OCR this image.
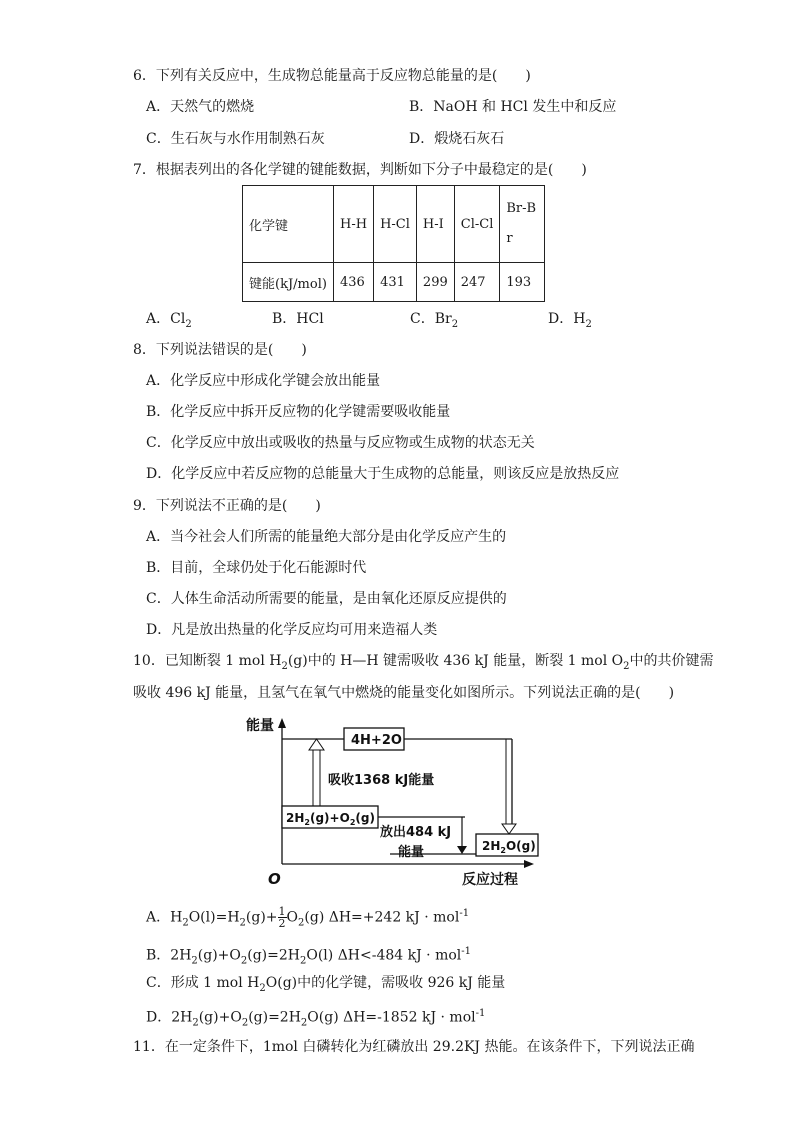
6．下列有关反应中，生成物总能量高于反应物总能量的是(　　)
A．天然气的燃烧	B．NaOH 和 HCl 发生中和反应
C．生石灰与水作用制熟石灰	D．煅烧石灰石
7．根据表列出的各化学键的键能数据，判断如下分子中最稳定的是(　　)
化学键	H-H	H-Cl	H-I	Cl-Cl	Br-Br
键能(kJ/mol)	436	431	299	247	193
A．$Cl_2$	B．HCl	C．$Br_2$	D．$H_2$
8．下列说法错误的是(　　)
A．化学反应中形成化学键会放出能量
B．化学反应中拆开反应物的化学键需要吸收能量
C．化学反应中放出或吸收的热量与反应物或生成物的状态无关
D．化学反应中若反应物的总能量大于生成物的总能量，则该反应是放热反应
9．下列说法不正确的是(　　)
A．当今社会人们所需的能量绝大部分是由化学反应产生的
B．目前，全球仍处于化石能源时代
C．人体生命活动所需要的能量，是由氧化还原反应提供的
D．凡是放出热量的化学反应均可用来造福人类
10．已知断裂 1 mol $H_2(g)$中的 H—H 键需吸收 436 kJ 能量，断裂 1 mol $O_2$中的共价键需
吸收 496 kJ 能量，且氢气在氧气中燃烧的能量变化如图所示。下列说法正确的是(　　)
能量
O	反应过程
4H+2O
吸收1368 kJ能量
$2H_2(g)+O_2(g)$
放出484 kJ
能量	$2H_2O(g)$
A．$H_2O(l)=H_2(g)+ \frac{1}{2} O_2(g)$ ΔH=+242 kJ · mol$^{-1}$
B．$2H_2(g)+O_2(g)=2H_2O(l)$ ΔH<-484 kJ · mol$^{-1}$
C．形成 1 mol $H_2O(g)$中的化学键，需吸收 926 kJ 能量
D．$2H_2(g)+O_2(g)=2H_2O(g)$ ΔH=-1852 kJ · mol$^{-1}$
11．在一定条件下，1mol 白磷转化为红磷放出 29.2KJ 热能。在该条件下，下列说法正确
